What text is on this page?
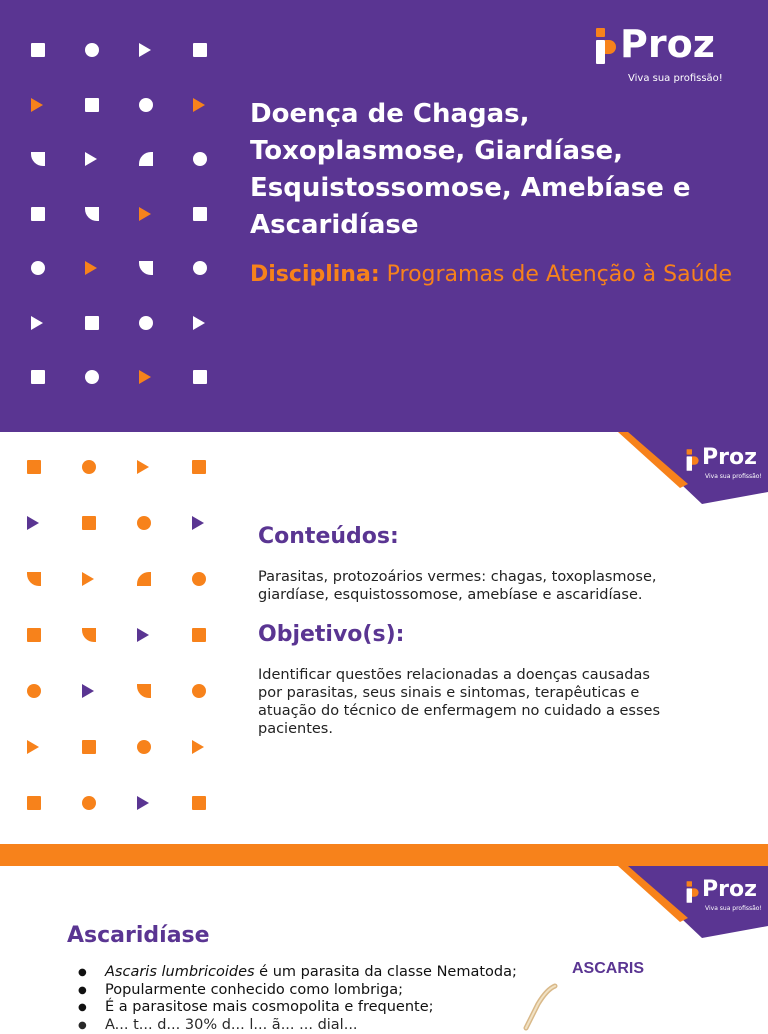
Proz
Viva sua profissão!
Doença de Chagas, Toxoplasmose, Giardíase, Esquistossomose, Amebíase e Ascaridíase
Disciplina: Programas de Atenção à Saúde
Proz
Viva sua profissão!
Conteúdos:
Parasitas, protozoários vermes: chagas, toxoplasmose, giardíase, esquistossomose, amebíase e ascaridíase.
Objetivo(s):
Identificar questões relacionadas a doenças causadas por parasitas, seus sinais e sintomas, terapêuticas e atuação do técnico de enfermagem no cuidado a esses pacientes.
Proz
Viva sua profissão!
Ascaridíase
● Ascaris lumbricoides é um parasita da classe Nematoda;
● Popularmente conhecido como lombriga;
● É a parasitose mais cosmopolita e frequente;
● A... t... d... 30% d... l... ã... ... dial...
ASCARIS
